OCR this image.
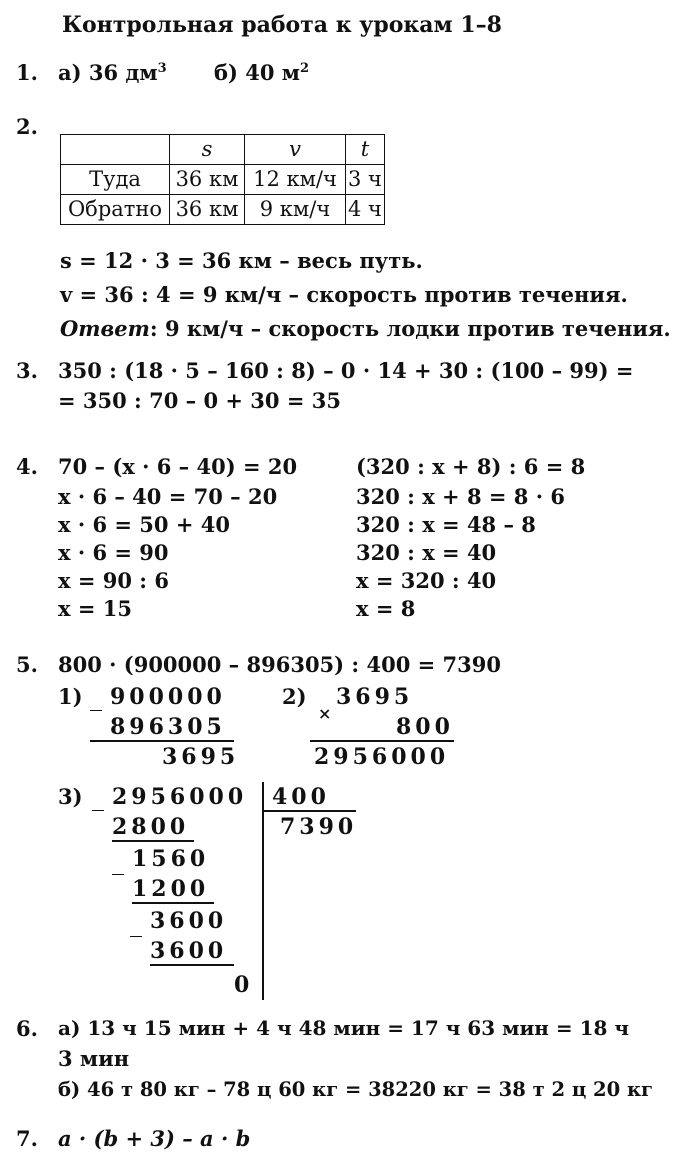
Контрольная работа к урокам 1–8
1. а) 36 $дм^3$ б) 40 $м^2$
2.
	s	v	t
Туда	36 км	12 км/ч	3 ч
Обратно	36 км	9 км/ч	4 ч
s = 12 · 3 = 36 км – весь путь.
v = 36 : 4 = 9 км/ч – скорость против течения.
Ответ: 9 км/ч – скорость лодки против течения.
3. 350 : (18 · 5 – 160 : 8) – 0 · 14 + 30 : (100 – 99) =
= 350 : 70 – 0 + 30 = 35
4. 70 – (x · 6 – 40) = 20
x · 6 – 40 = 70 – 20
x · 6 = 50 + 40
x · 6 = 90
x = 90 : 6
x = 15
(320 : x + 8) : 6 = 8
320 : x + 8 = 8 · 6
320 : x = 48 – 8
320 : x = 40
x = 320 : 40
x = 8
5. 800 · (900000 – 896305) : 400 = 7390
1) 900000
896305
3695
2) 3695
×
800
2956000
3) 2956000 400
7390
2800
1560
1200
3600
3600
0
6. а) 13 ч 15 мин + 4 ч 48 мин = 17 ч 63 мин = 18 ч
3 мин
б) 46 т 80 кг – 78 ц 60 кг = 38220 кг = 38 т 2 ц 20 кг
7. a · (b + 3) – a · b
